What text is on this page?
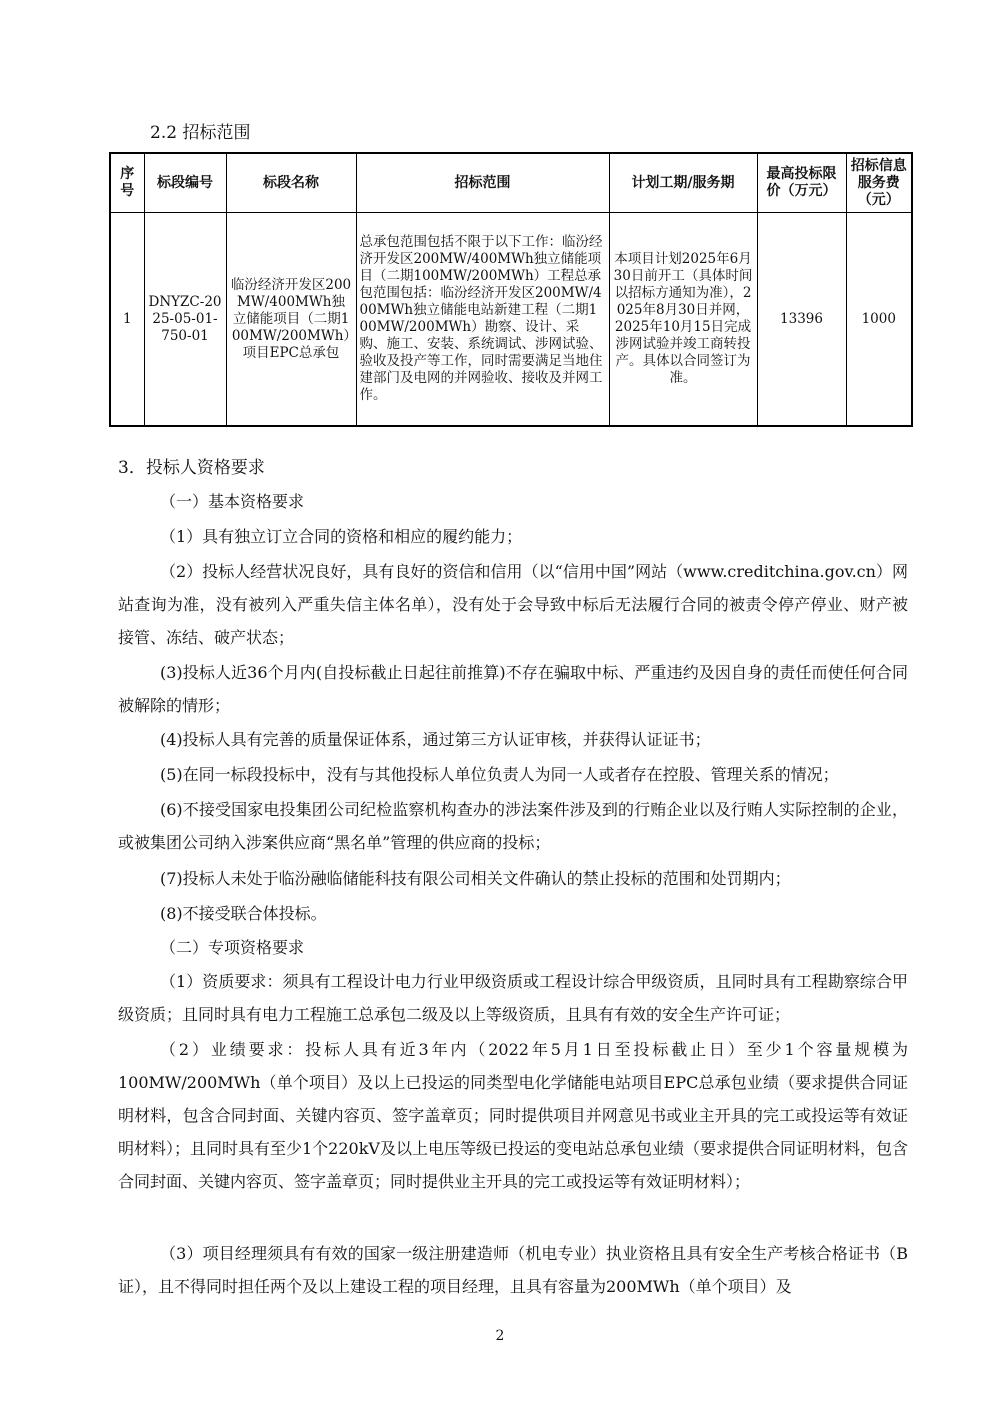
2.2 招标范围
序号	标段编号	标段名称	招标范围	计划工期/服务期	最高投标限价（万元）	招标信息服务费（元）
1	DNYZC-2025-05-01-750-01	临汾经济开发区200MW/400MWh独立储能项目（二期100MW/200MWh）项目EPC总承包	总承包范围包括不限于以下工作：临汾经济开发区200MW/400MWh独立储能项目（二期100MW/200MWh）工程总承包范围包括：临汾经济开发区200MW/400MWh独立储能电站新建工程（二期100MW/200MWh）勘察、设计、采购、施工、安装、系统调试、涉网试验、验收及投产等工作，同时需要满足当地住建部门及电网的并网验收、接收及并网工作。	本项目计划2025年6月30日前开工（具体时间以招标方通知为准），2025年8月30日并网，2025年10月15日完成涉网试验并竣工商转投产。具体以合同签订为准。	13396	1000
3．投标人资格要求
（一）基本资格要求
（1）具有独立订立合同的资格和相应的履约能力；
（2）投标人经营状况良好，具有良好的资信和信用（以“信用中国”网站（www.creditchina.gov.cn）网站查询为准，没有被列入严重失信主体名单），没有处于会导致中标后无法履行合同的被责令停产停业、财产被接管、冻结、破产状态；
(3)投标人近36个月内(自投标截止日起往前推算)不存在骗取中标、严重违约及因自身的责任而使任何合同被解除的情形；
(4)投标人具有完善的质量保证体系，通过第三方认证审核，并获得认证证书；
(5)在同一标段投标中，没有与其他投标人单位负责人为同一人或者存在控股、管理关系的情况；
(6)不接受国家电投集团公司纪检监察机构查办的涉法案件涉及到的行贿企业以及行贿人实际控制的企业，或被集团公司纳入涉案供应商“黑名单”管理的供应商的投标；
(7)投标人未处于临汾融临储能科技有限公司相关文件确认的禁止投标的范围和处罚期内；
(8)不接受联合体投标。
（二）专项资格要求
（1）资质要求：须具有工程设计电力行业甲级资质或工程设计综合甲级资质，且同时具有工程勘察综合甲级资质；且同时具有电力工程施工总承包二级及以上等级资质，且具有有效的安全生产许可证；
（2）业绩要求：投标人具有近3年内（2022年5月1日至投标截止日）至少1个容量规模为100MW/200MWh（单个项目）及以上已投运的同类型电化学储能电站项目EPC总承包业绩（要求提供合同证明材料，包含合同封面、关键内容页、签字盖章页；同时提供项目并网意见书或业主开具的完工或投运等有效证明材料）；且同时具有至少1个220kV及以上电压等级已投运的变电站总承包业绩（要求提供合同证明材料，包含合同封面、关键内容页、签字盖章页；同时提供业主开具的完工或投运等有效证明材料）；
（3）项目经理须具有有效的国家一级注册建造师（机电专业）执业资格且具有安全生产考核合格证书（B证），且不得同时担任两个及以上建设工程的项目经理，且具有容量为200MWh（单个项目）及
2
